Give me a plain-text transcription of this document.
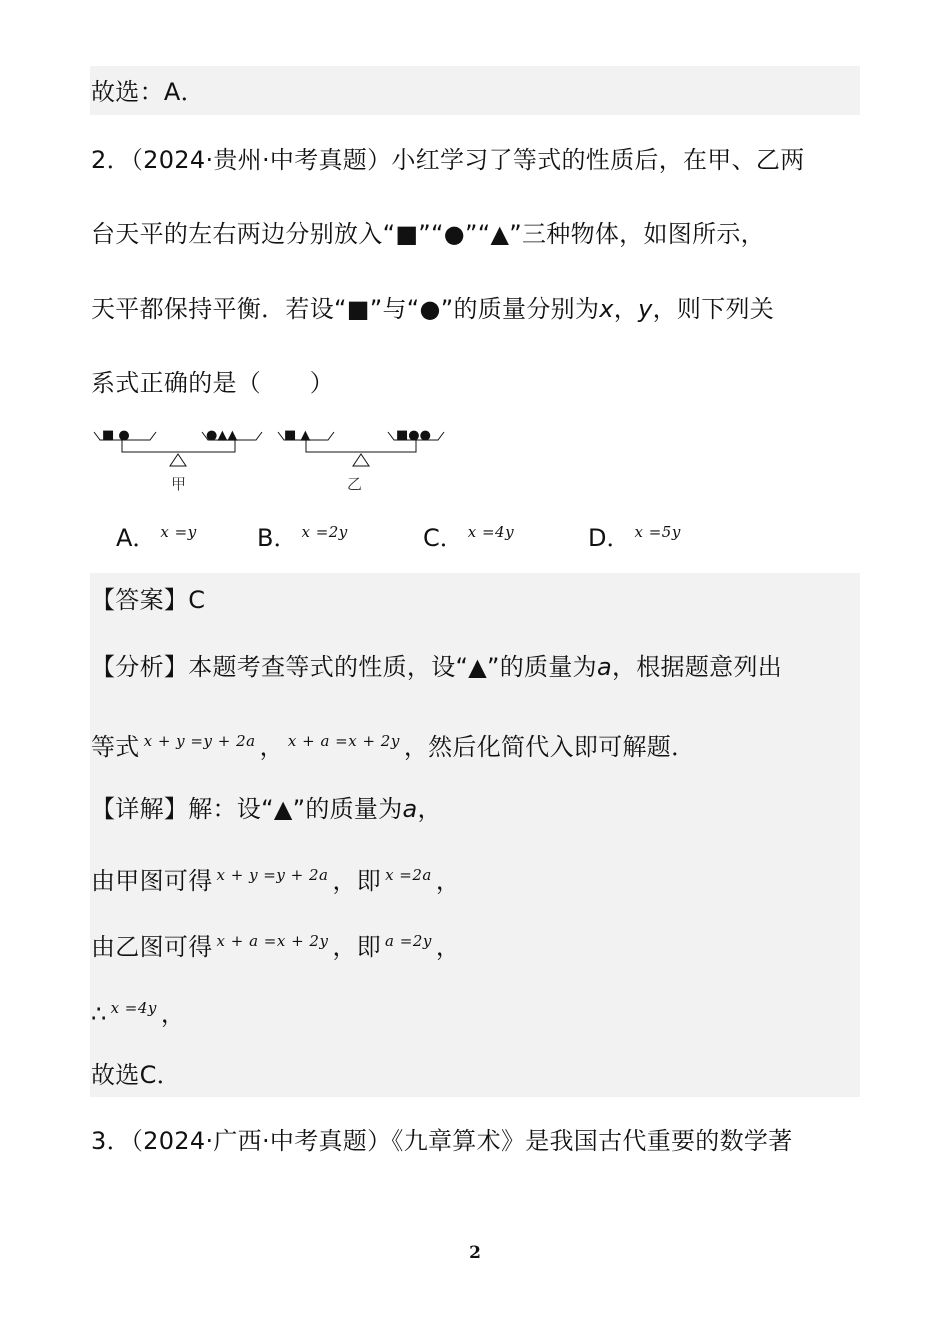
故选：A．
2．（2024·贵州·中考真题）小红学习了等式的性质后，在甲、乙两
台天平的左右两边分别放入“■”“●”“▲”三种物体，如图所示，
天平都保持平衡．若设“■”与“●”的质量分别为x，y，则下列关
系式正确的是（　　）
■ ●	●▲▲
甲
■ ▲	■●●
乙
A． $^{x =y}$	B． $^{x =2y}$	C． $^{x =4y}$	D． $^{x =5y}$
【答案】C
【分析】本题考查等式的性质，设“▲”的质量为a，根据题意列出
等式 $^{x + y =y + 2a}$ ， $^{x + a =x + 2y}$ ，然后化简代入即可解题．
【详解】解：设“▲”的质量为a，
由甲图可得 $^{x + y =y + 2a}$ ，即 $^{x =2a}$ ，
由乙图可得 $^{x + a =x + 2y}$ ，即 $^{a =2y}$ ，
∴ $^{x =4y}$ ，
故选C．
3．（2024·广西·中考真题）《九章算术》是我国古代重要的数学著
2
